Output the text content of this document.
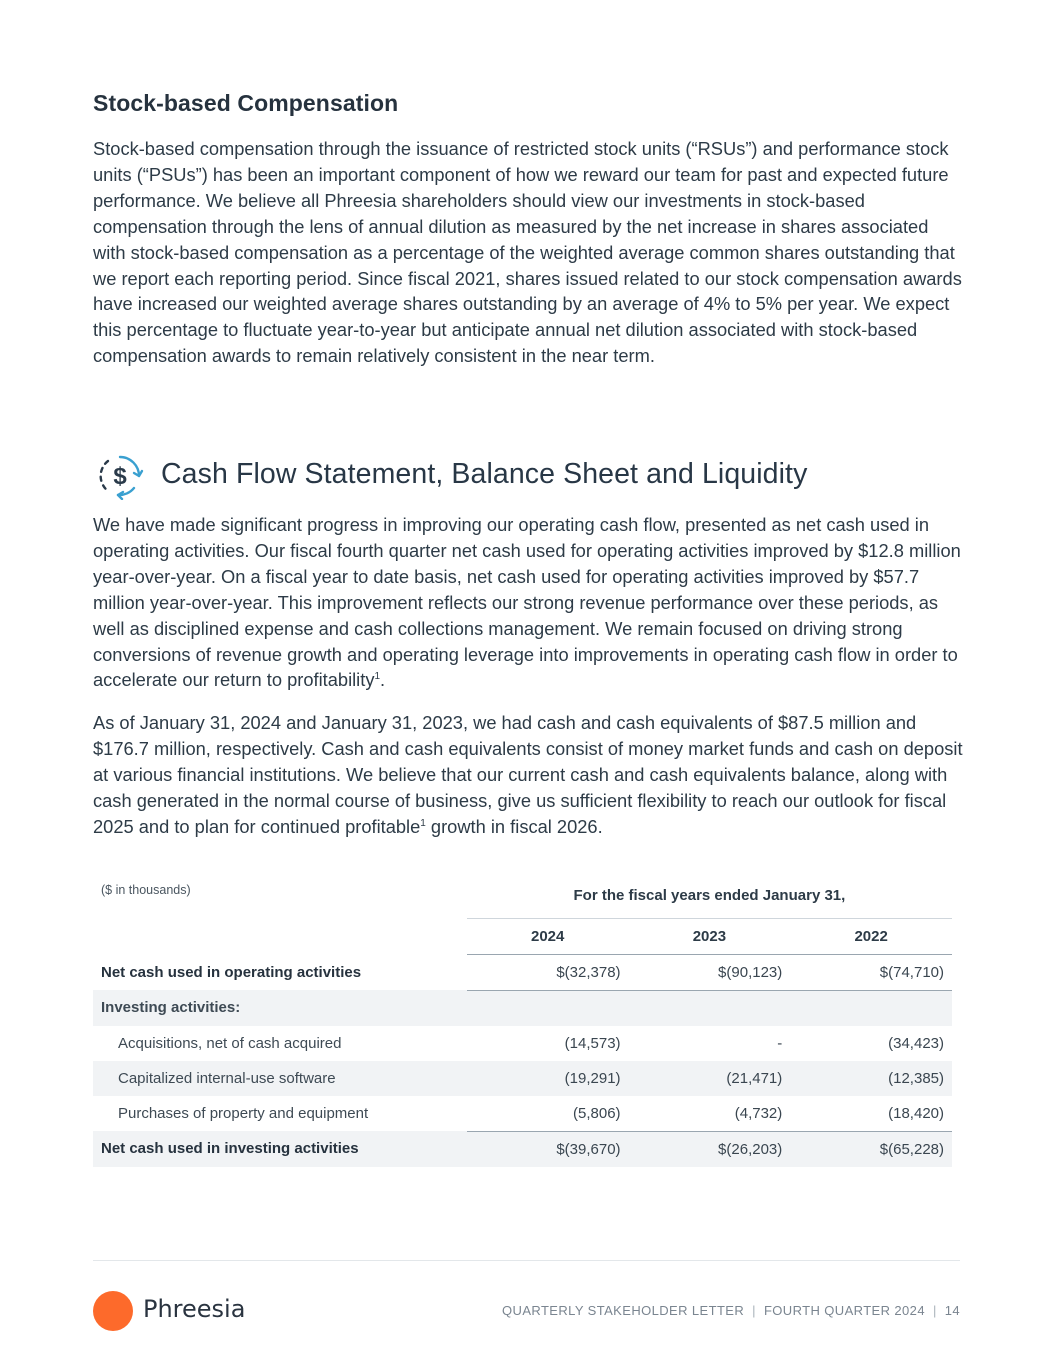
Stock-based Compensation

Stock-based compensation through the issuance of restricted stock units (“RSUs”) and performance stock units (“PSUs”) has been an important component of how we reward our team for past and expected future performance. We believe all Phreesia shareholders should view our investments in stock-based compensation through the lens of annual dilution as measured by the net increase in shares associated with stock-based compensation as a percentage of the weighted average common shares outstanding that we report each reporting period. Since fiscal 2021, shares issued related to our stock compensation awards have increased our weighted average shares outstanding by an average of 4% to 5% per year. We expect this percentage to fluctuate year-to-year but anticipate annual net dilution associated with stock-based compensation awards to remain relatively consistent in the near term.

$ Cash Flow Statement, Balance Sheet and Liquidity

We have made significant progress in improving our operating cash flow, presented as net cash used in operating activities. Our fiscal fourth quarter net cash used for operating activities improved by $12.8 million year-over-year. On a fiscal year to date basis, net cash used for operating activities improved by $57.7 million year-over-year. This improvement reflects our strong revenue performance over these periods, as well as disciplined expense and cash collections management. We remain focused on driving strong conversions of revenue growth and operating leverage into improvements in operating cash flow in order to accelerate our return to profitability$^1$.

As of January 31, 2024 and January 31, 2023, we had cash and cash equivalents of $87.5 million and $176.7 million, respectively. Cash and cash equivalents consist of money market funds and cash on deposit at various financial institutions. We believe that our current cash and cash equivalents balance, along with cash generated in the normal course of business, give us sufficient flexibility to reach our outlook for fiscal 2025 and to plan for continued profitable$^1$ growth in fiscal 2026.

($ in thousands)	For the fiscal years ended January 31,		
	2024	2023	2022
Net cash used in operating activities	$(32,378)	$(90,123)	$(74,710)
Investing activities:			
Acquisitions, net of cash acquired	(14,573)	-	(34,423)
Capitalized internal-use software	(19,291)	(21,471)	(12,385)
Purchases of property and equipment	(5,806)	(4,732)	(18,420)
Net cash used in investing activities	$(39,670)	$(26,203)	$(65,228)
Phreesia	QUARTERLY STAKEHOLDER LETTER | FOURTH QUARTER 2024 | 14
